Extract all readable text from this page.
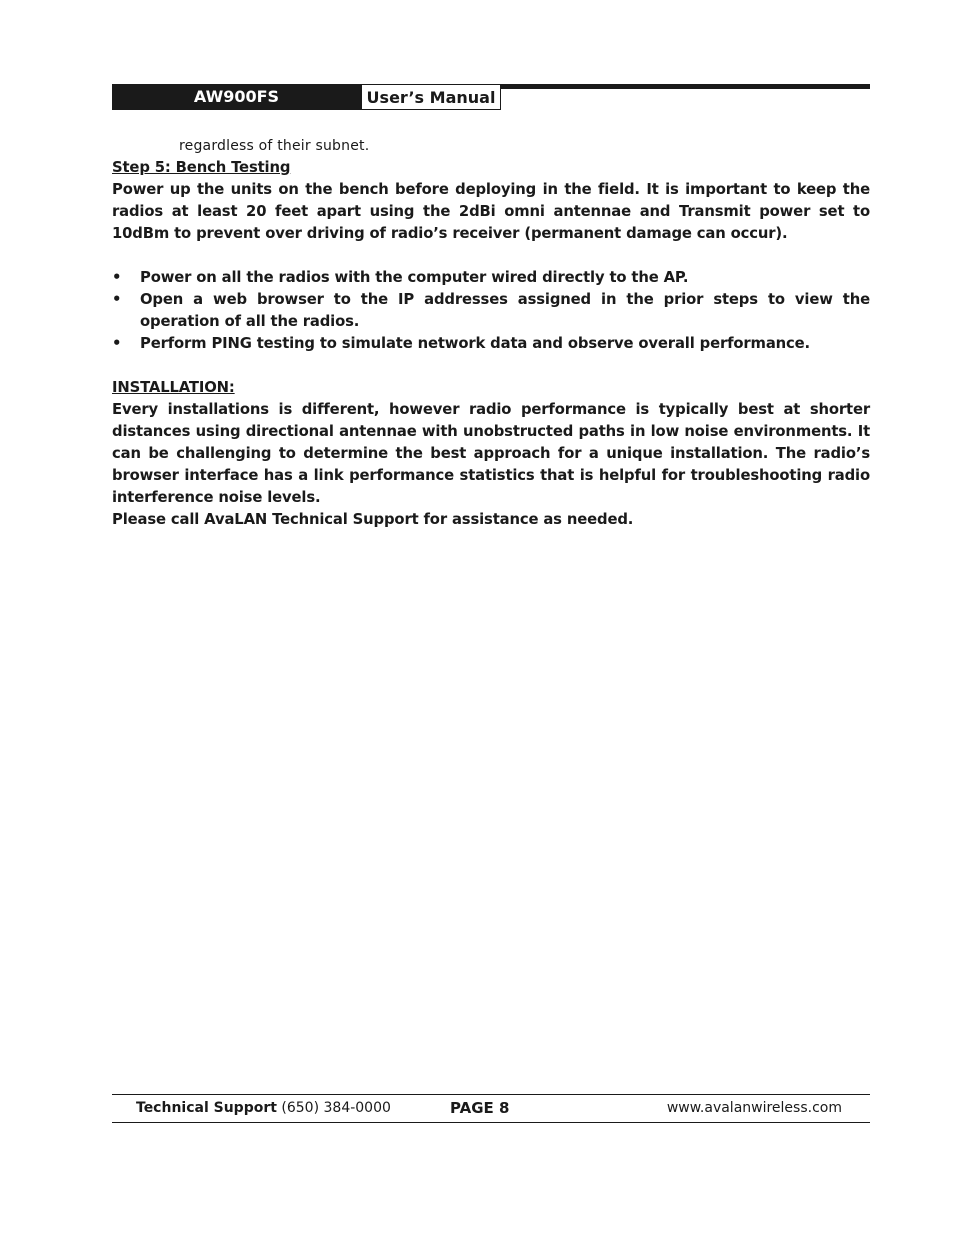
AW900FS	User’s Manual
regardless of their subnet.
Step 5: Bench Testing

Power up the units on the bench before deploying in the field. It is important to keep the radios at least 20 feet apart using the 2dBi omni antennae and Transmit power set to 10dBm to prevent over driving of radio’s receiver (permanent damage can occur).

• Power on all the radios with the computer wired directly to the AP.
• Open a web browser to the IP addresses assigned in the prior steps to view the operation of all the radios.
• Perform PING testing to simulate network data and observe overall performance.
INSTALLATION:

Every installations is different, however radio performance is typically best at shorter distances using directional antennae with unobstructed paths in low noise environments. It can be challenging to determine the best approach for a unique installation. The radio’s browser interface has a link performance statistics that is helpful for troubleshooting radio interference noise levels.

Please call AvaLAN Technical Support for assistance as needed.
Technical Support (650) 384-0000	PAGE 8	www.avalanwireless.com
